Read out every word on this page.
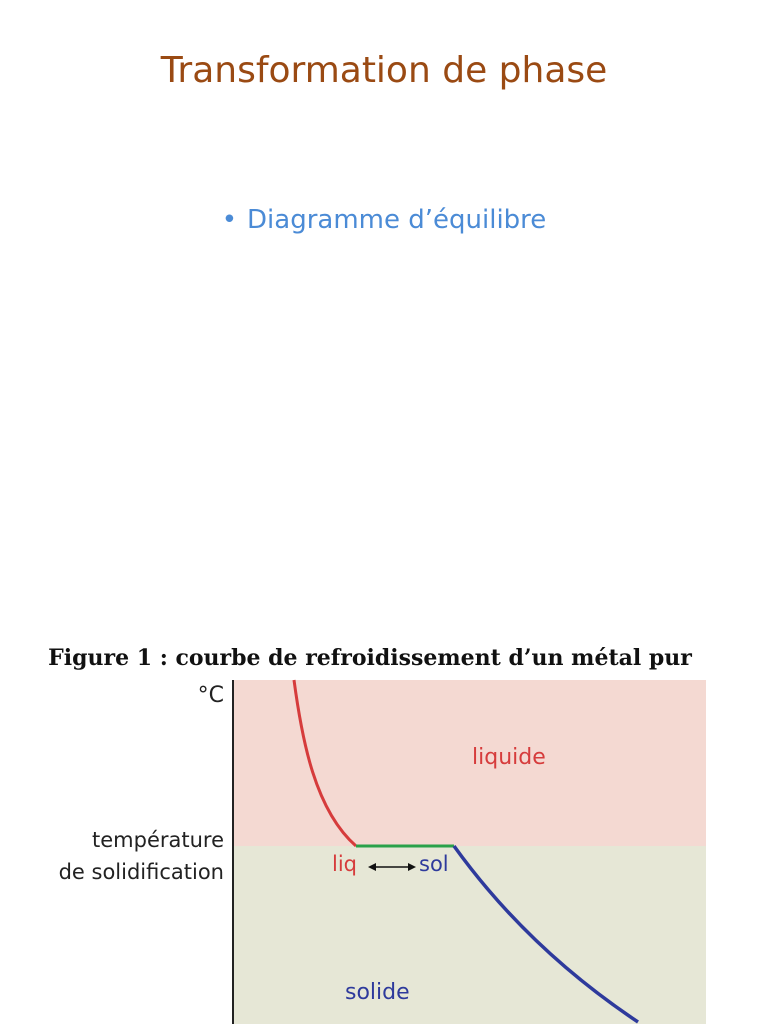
Transformation de phase
• Diagramme d’équilibre
Figure 1 : courbe de refroidissement d’un métal pur
°C
température
de solidification
liquide
solide
liq	sol
